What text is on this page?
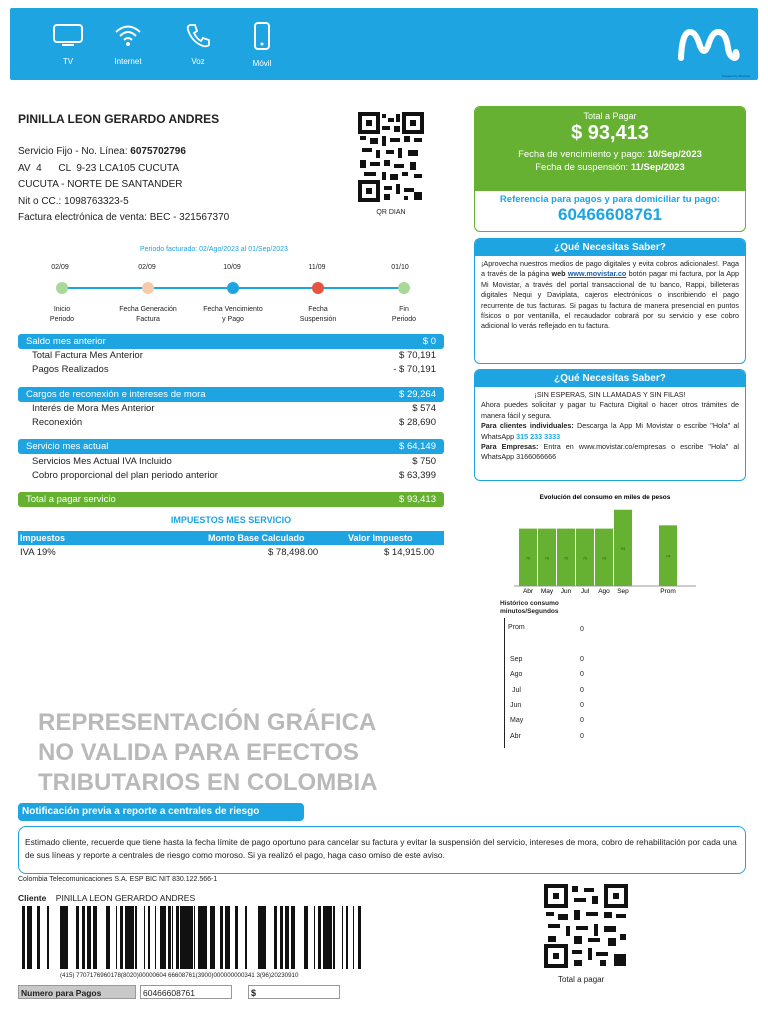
TV	Internet	Voz	Móvil
Powered by Movistar
PINILLA LEON GERARDO ANDRES
Servicio Fijo - No. Línea: 6075702796
AV  4      CL  9-23 LCA105 CUCUTA
CUCUTA - NORTE DE SANTANDER
Nit o CC.: 1098763323-5
Factura electrónica de venta: BEC - 321567370	QR DIAN
Total a Pagar
$ 93,413
Fecha de vencimiento y pago: 10/Sep/2023
Fecha de suspensión: 11/Sep/2023
Referencia para pagos y para domiciliar tu pago:
60466608761
¿Qué Necesitas Saber?
¡Aprovecha nuestros medios de pago digitales y evita cobros adicionales!. Paga a través de la página web www.movistar.co botón pagar mi factura, por la App Mi Movistar, a través del portal transaccional de tu banco, Rappi, billeteras digitales Nequi y Daviplata, cajeros electrónicos o inscribiendo el pago recurrente de tus facturas. Si pagas tu factura de manera presencial en puntos físicos o por ventanilla, el recaudador cobrará por su servicio y ese cobro adicional lo verás reflejado en tu factura.
¿Qué Necesitas Saber?
¡SIN ESPERAS, SIN LLAMADAS Y SIN FILAS!
Ahora puedes solicitar y pagar tu Factura Digital o hacer otros trámites de manera fácil y segura.
Para clientes individuales: Descarga la App Mi Movistar o escribe "Hola" al WhatsApp 315 233 3333
Para Empresas: Entra en www.movistar.co/empresas o escribe "Hola" al WhatsApp 3166066666
Periodo facturado: 02/Ago/2023 al 01/Sep/2023
02/09	02/09	10/09	11/09	01/10
Inicio
Periodo
Fecha Generación
Factura
Fecha Vencimiento
y Pago
Fecha
Suspensión
Fin
Periodo
Saldo mes anterior	$ 0
Total Factura Mes Anterior	$ 70,191
Pagos Realizados	- $ 70,191
Cargos de reconexión e intereses de mora	$ 29,264
Interés de Mora Mes Anterior	$ 574
Reconexión	$ 28,690
Servicio mes actual	$ 64,149
Servicios Mes Actual IVA Incluido	$ 750
Cobro proporcional del plan periodo anterior	$ 63,399
Total a pagar servicio	$ 93,413
IMPUESTOS MES SERVICIO
Impuestos	Monto Base Calculado	Valor Impuesto
IVA 19%	$ 78,498.00	$ 14,915.00
Evolución del consumo en miles de pesos
70
Abr
70
May
70
Jun
70
Jul
70
Ago
93
Sep
74
Prom
Histórico consumo
minutos/Segundos
Prom	0
Sep	0
Ago	0
Jul	0
Jun	0
May	0
Abr	0
REPRESENTACIÓN GRÁFICA
NO VALIDA PARA EFECTOS
TRIBUTARIOS EN COLOMBIA
Notificación previa a reporte a centrales de riesgo
Estimado cliente, recuerde que tiene hasta la fecha límite de pago oportuno para cancelar su factura y evitar la suspensión del servicio, intereses de mora, cobro de rehabilitación por cada una de sus líneas y reporte a centrales de riesgo como moroso. Si ya realizó el pago, haga caso omiso de este aviso.
Colombia Telecomunicaciones S.A. ESP BIC NIT 830.122.566-1
Cliente PINILLA LEON GERARDO ANDRES
(415) 7707176960178(8020)00000604 66608761(3900)000000000341 3(96)20230910
Numero para Pagos	60466608761	$
Total a pagar
